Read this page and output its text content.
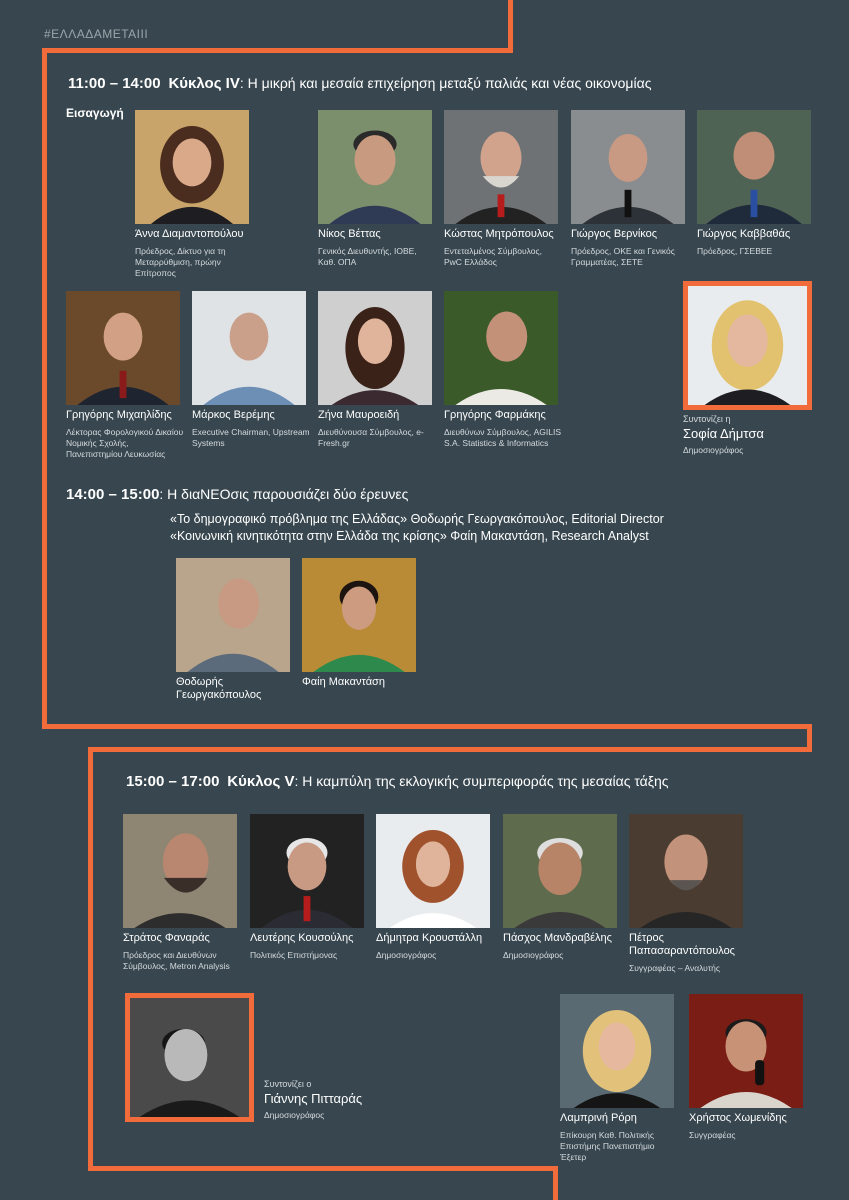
#ΕΛΛΑΔΑΜΕΤΑIII
11:00 – 14:00 Κύκλος IV: Η μικρή και μεσαία επιχείρηση μεταξύ παλιάς και νέας οικονομίας
Εισαγωγή
Άννα Διαμαντοπούλου
Πρόεδρος, Δίκτυο για τη Μεταρρύθμιση, πρώην Επίτροπος
Νίκος Βέττας
Γενικός Διευθυντής, ΙΟΒΕ, Καθ. ΟΠΑ
Κώστας Μητρόπουλος
Εντεταλμένος Σύμβουλος, PwC Ελλάδος
Γιώργος Βερνίκος
Πρόεδρος, ΟΚΕ και Γενικός Γραμματέας, ΣΕΤΕ
Γιώργος Καββαθάς
Πρόεδρος, ΓΣΕΒΕΕ
Γρηγόρης Μιχαηλίδης
Λέκτορας Φορολογικού Δικαίου Νομικής Σχολής, Πανεπιστημίου Λευκωσίας
Μάρκος Βερέμης
Executive Chairman, Upstream Systems
Ζήνα Μαυροειδή
Διευθύνουσα Σύμβουλος, e-Fresh.gr
Γρηγόρης Φαρμάκης
Διευθύνων Σύμβουλος, AGILIS S.A. Statistics & Informatics
Συντονίζει η
Σοφία Δήμτσα
Δημοσιογράφος
14:00 – 15:00: Η διαΝΕΟσις παρουσιάζει δύο έρευνες
«Το δημογραφικό πρόβλημα της Ελλάδας» Θοδωρής Γεωργακόπουλος, Editorial Director
«Κοινωνική κινητικότητα στην Ελλάδα της κρίσης» Φαίη Μακαντάση, Research Analyst
Θοδωρής Γεωργακόπουλος
Φαίη Μακαντάση
15:00 – 17:00 Κύκλος V: Η καμπύλη της εκλογικής συμπεριφοράς της μεσαίας τάξης
Στράτος Φαναράς
Πρόεδρος και Διευθύνων Σύμβουλος, Metron Analysis
Λευτέρης Κουσούλης
Πολιτικός Επιστήμονας
Δήμητρα Κρουστάλλη
Δημοσιογράφος
Πάσχος Μανδραβέλης
Δημοσιογράφος
Πέτρος Παπασαραντόπουλος
Συγγραφέας – Αναλυτής
Συντονίζει ο
Γιάννης Πιτταράς
Δημοσιογράφος	Λαμπρινή Ρόρη
Επίκουρη Καθ. Πολιτικής Επιστήμης Πανεπιστήμιο Έξετερ
Χρήστος Χωμενίδης
Συγγραφέας
